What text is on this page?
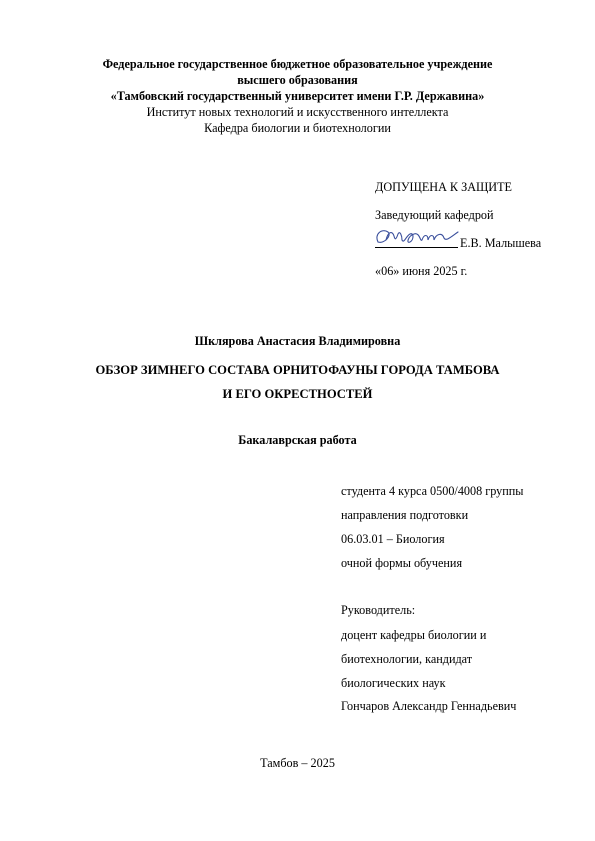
Федеральное государственное бюджетное образовательное учреждение
высшего образования
«Тамбовский государственный университет имени Г.Р. Державина»
Институт новых технологий и искусственного интеллекта
Кафедра биологии и биотехнологии
ДОПУЩЕНА К ЗАЩИТЕ
Заведующий кафедрой
Е.В. Малышева
«06» июня 2025 г.
Шклярова Анастасия Владимировна
ОБЗОР ЗИМНЕГО СОСТАВА ОРНИТОФАУНЫ ГОРОДА ТАМБОВА
И ЕГО ОКРЕСТНОСТЕЙ
Бакалаврская работа
студента 4 курса 0500/4008 группы
направления подготовки
06.03.01 – Биология
очной формы обучения
Руководитель:
доцент кафедры биологии и
биотехнологии, кандидат
биологических наук
Гончаров Александр Геннадьевич
Тамбов – 2025
